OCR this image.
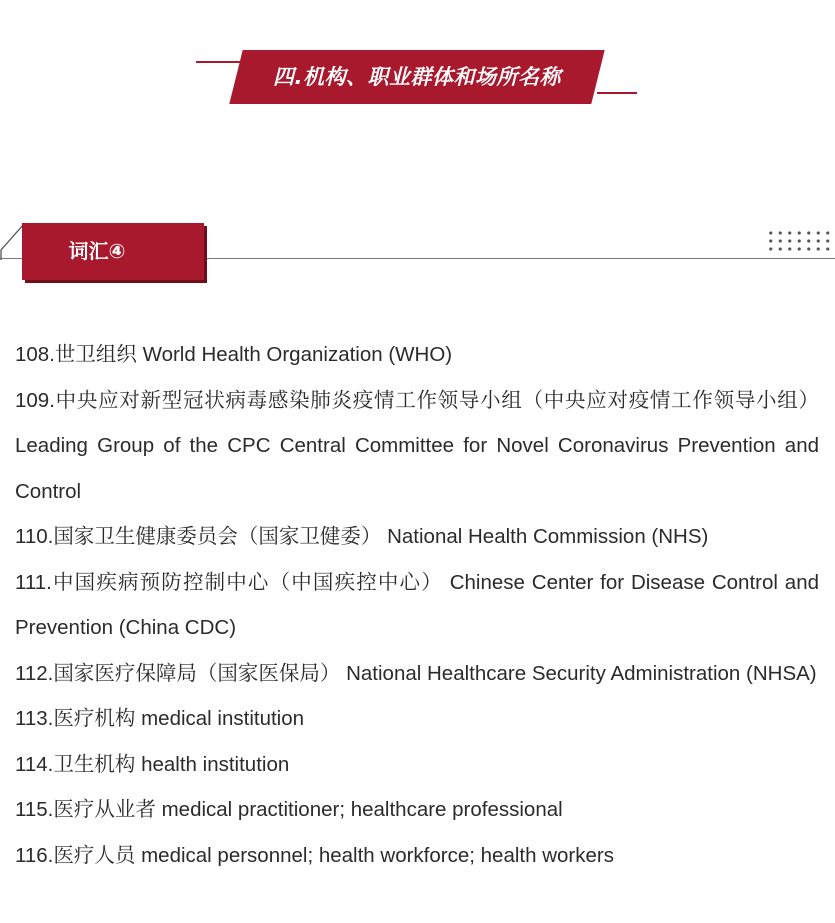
四.机构、职业群体和场所名称
词汇④

108.世卫组织 World Health Organization (WHO)

109.中央应对新型冠状病毒感染肺炎疫情工作领导小组（中央应对疫情工作领导小组） Leading Group of the CPC Central Committee for Novel Coronavirus Prevention and Control

110.国家卫生健康委员会（国家卫健委） National Health Commission (NHS)

111.中国疾病预防控制中心（中国疾控中心） Chinese Center for Disease Control and Prevention (China CDC)

112.国家医疗保障局（国家医保局） National Healthcare Security Administration (NHSA)

113.医疗机构 medical institution

114.卫生机构 health institution

115.医疗从业者 medical practitioner; healthcare professional

116.医疗人员 medical personnel; health workforce; health workers
